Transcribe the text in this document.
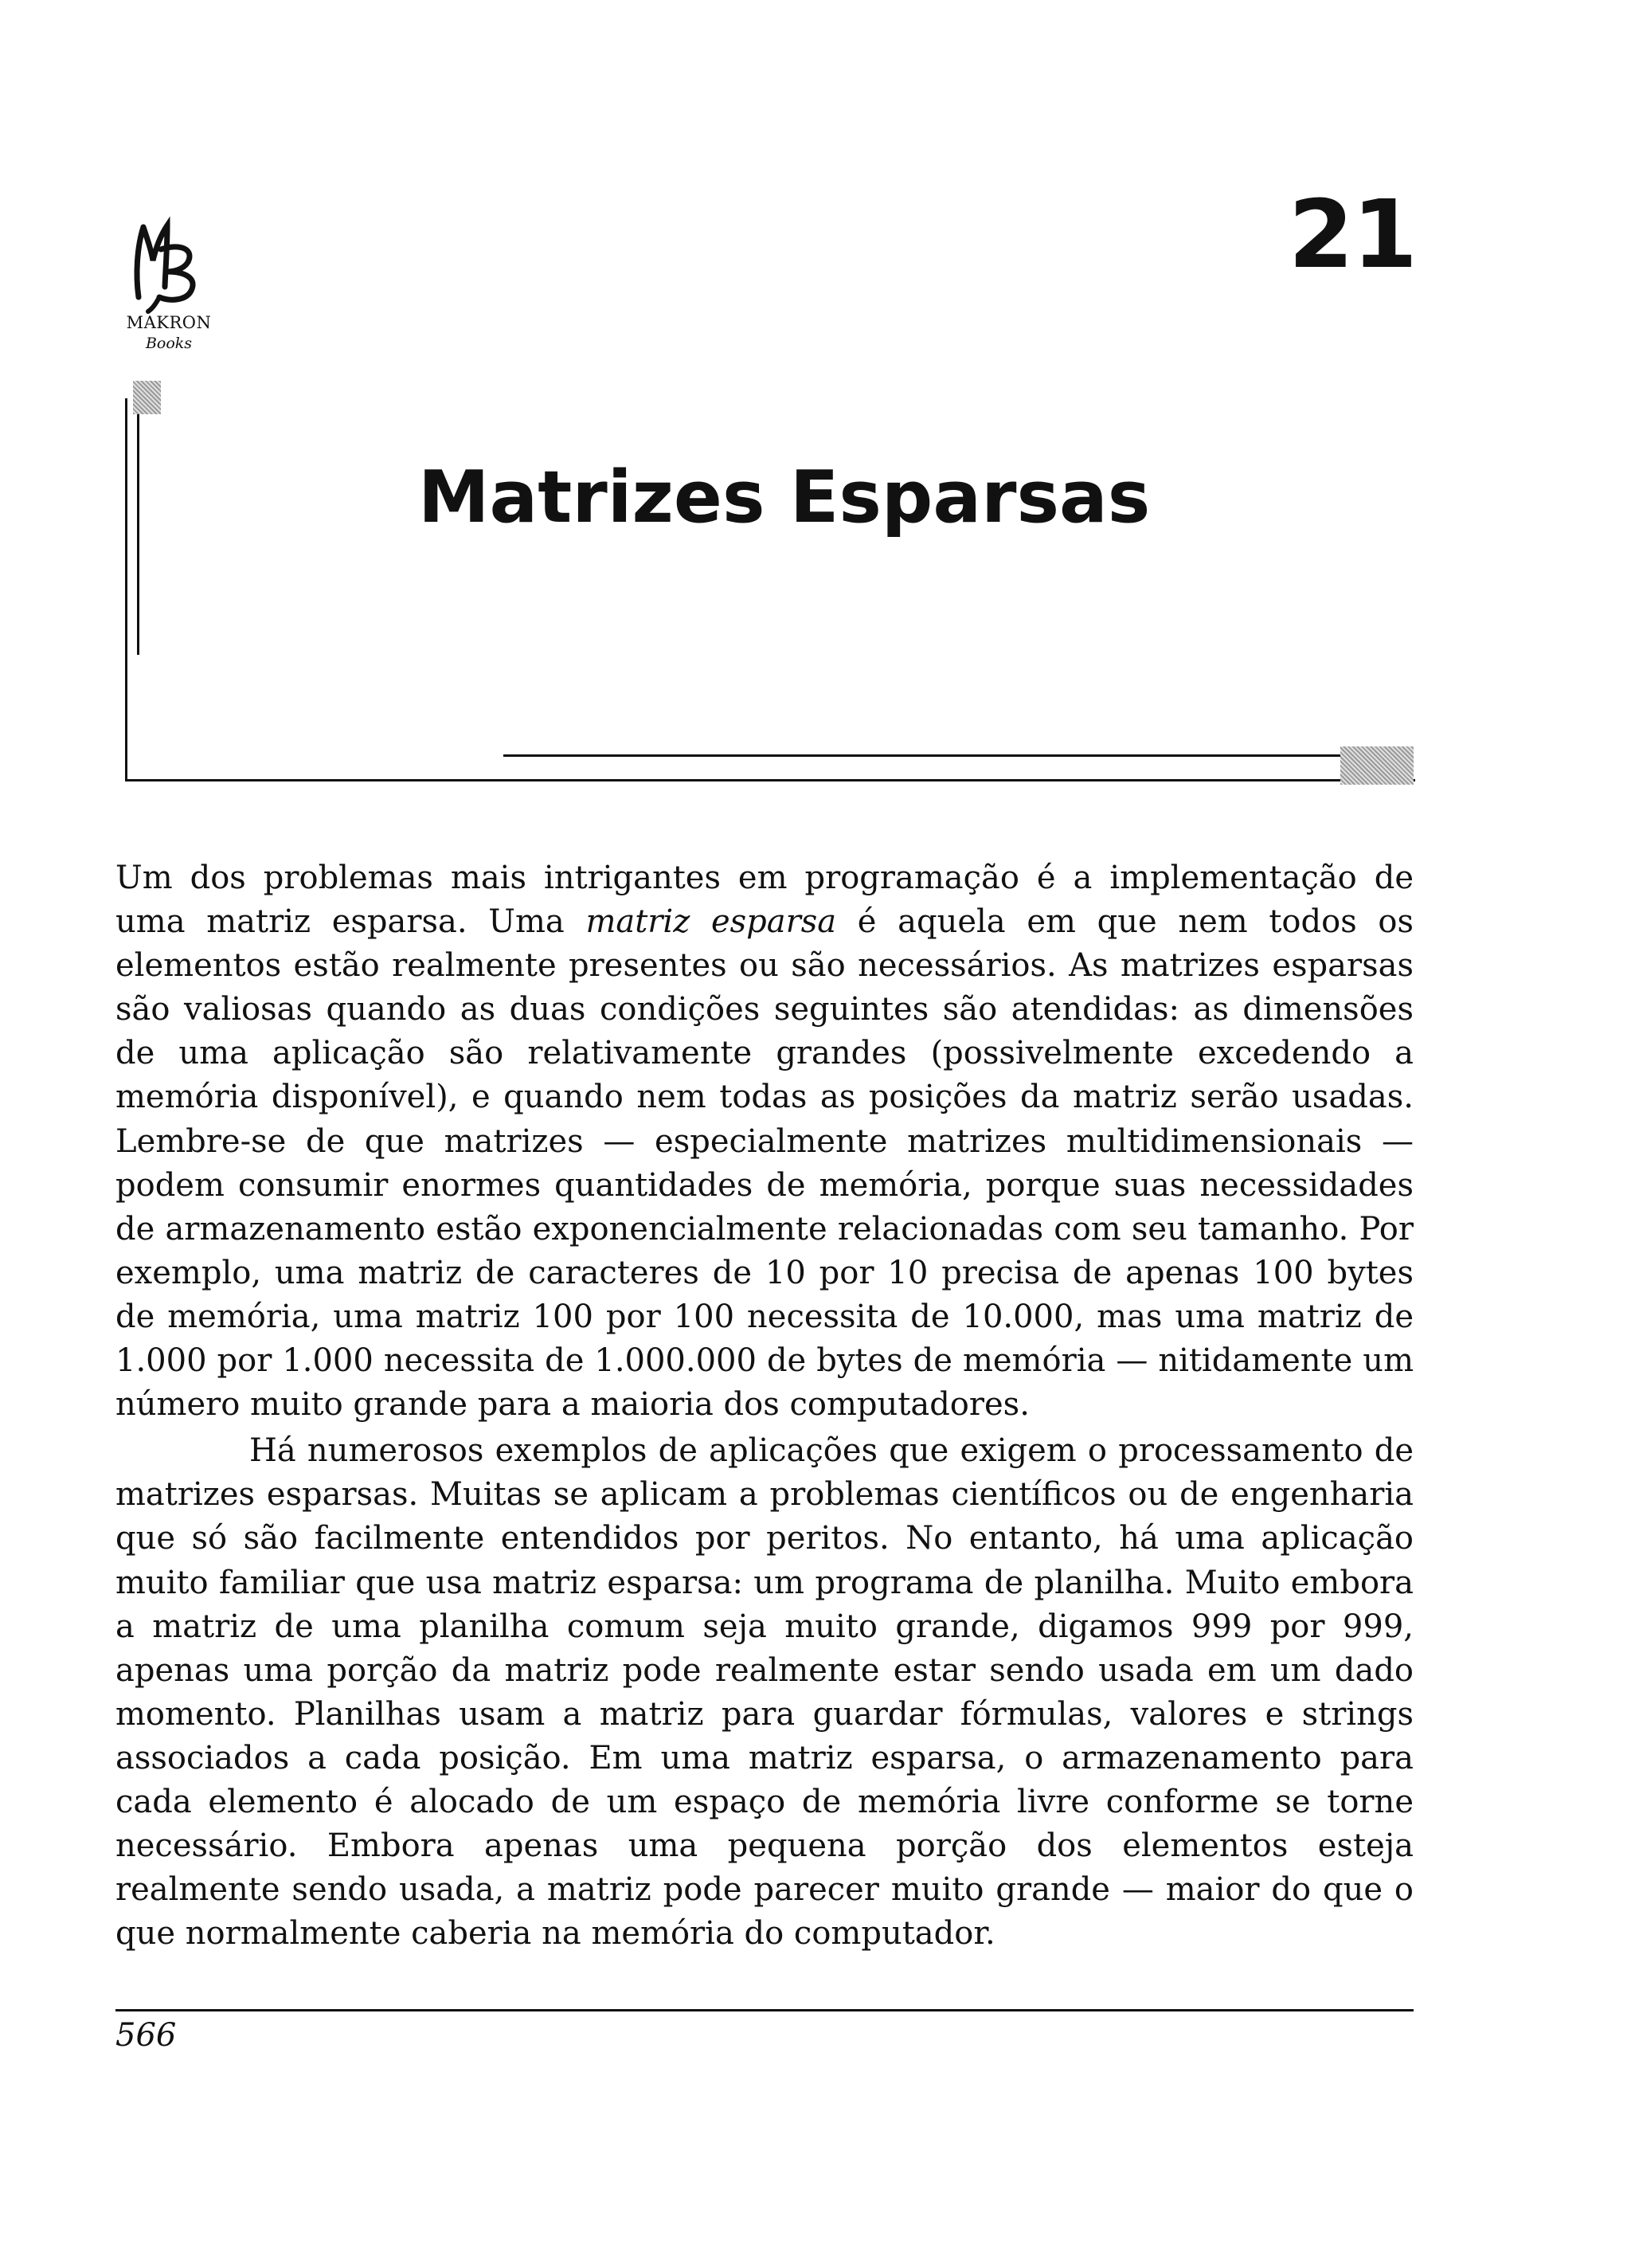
MAKRON
Books
21
Matrizes Esparsas

Um dos problemas mais intrigantes em programação é a implementação de uma matriz esparsa. Uma matriz esparsa é aquela em que nem todos os elementos estão realmente presentes ou são necessários. As matrizes esparsas são valiosas quando as duas condições seguintes são atendidas: as dimensões de uma aplicação são relativamente grandes (possivelmente excedendo a memória disponível), e quando nem todas as posições da matriz serão usadas. Lembre-se de que matrizes — especialmente matrizes multidimensionais — podem consumir enormes quantidades de memória, porque suas necessidades de armazenamento estão exponencialmente relacionadas com seu tamanho. Por exemplo, uma matriz de caracteres de 10 por 10 precisa de apenas 100 bytes de memória, uma matriz 100 por 100 necessita de 10.000, mas uma matriz de 1.000 por 1.000 necessita de 1.000.000 de bytes de memória — nitidamente um número muito grande para a maioria dos computadores.

Há numerosos exemplos de aplicações que exigem o processamento de matrizes esparsas. Muitas se aplicam a problemas científicos ou de engenharia que só são facilmente entendidos por peritos. No entanto, há uma aplicação muito familiar que usa matriz esparsa: um programa de planilha. Muito embora a matriz de uma planilha comum seja muito grande, digamos 999 por 999, apenas uma porção da matriz pode realmente estar sendo usada em um dado momento. Planilhas usam a matriz para guardar fórmulas, valores e strings associados a cada posição. Em uma matriz esparsa, o armazenamento para cada elemento é alocado de um espaço de memória livre conforme se torne necessário. Embora apenas uma pequena porção dos elementos esteja realmente sendo usada, a matriz pode parecer muito grande — maior do que o que normalmente caberia na memória do computador.

566
